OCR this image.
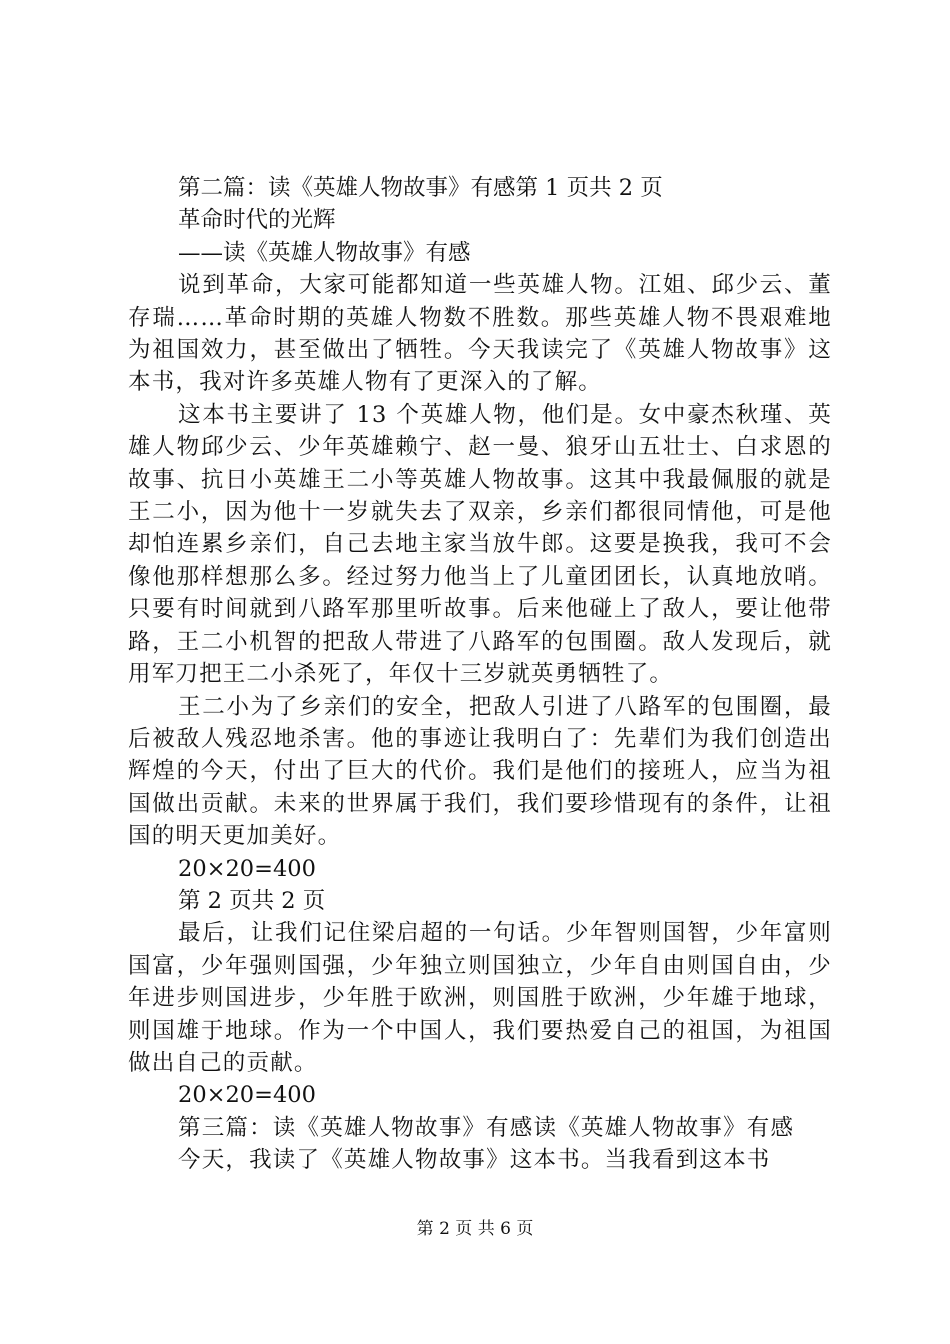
第二篇：读《英雄人物故事》有感第 1 页共 2 页
革命时代的光辉
——读《英雄人物故事》有感
说到革命，大家可能都知道一些英雄人物。江姐、邱少云、董存瑞……革命时期的英雄人物数不胜数。那些英雄人物不畏艰难地为祖国效力，甚至做出了牺牲。今天我读完了《英雄人物故事》这本书，我对许多英雄人物有了更深入的了解。
这本书主要讲了 13 个英雄人物，他们是。女中豪杰秋瑾、英雄人物邱少云、少年英雄赖宁、赵一曼、狼牙山五壮士、白求恩的故事、抗日小英雄王二小等英雄人物故事。这其中我最佩服的就是王二小，因为他十一岁就失去了双亲，乡亲们都很同情他，可是他却怕连累乡亲们，自己去地主家当放牛郎。这要是换我，我可不会像他那样想那么多。经过努力他当上了儿童团团长，认真地放哨。只要有时间就到八路军那里听故事。后来他碰上了敌人，要让他带路，王二小机智的把敌人带进了八路军的包围圈。敌人发现后，就用军刀把王二小杀死了，年仅十三岁就英勇牺牲了。
王二小为了乡亲们的安全，把敌人引进了八路军的包围圈，最后被敌人残忍地杀害。他的事迹让我明白了：先辈们为我们创造出辉煌的今天，付出了巨大的代价。我们是他们的接班人，应当为祖国做出贡献。未来的世界属于我们，我们要珍惜现有的条件，让祖国的明天更加美好。
20×20=400
第 2 页共 2 页
最后，让我们记住梁启超的一句话。少年智则国智，少年富则国富，少年强则国强，少年独立则国独立，少年自由则国自由，少年进步则国进步，少年胜于欧洲，则国胜于欧洲，少年雄于地球，则国雄于地球。作为一个中国人，我们要热爱自己的祖国，为祖国做出自己的贡献。
20×20=400
第三篇：读《英雄人物故事》有感读《英雄人物故事》有感
今天，我读了《英雄人物故事》这本书。当我看到这本书
第 2 页 共 6 页
